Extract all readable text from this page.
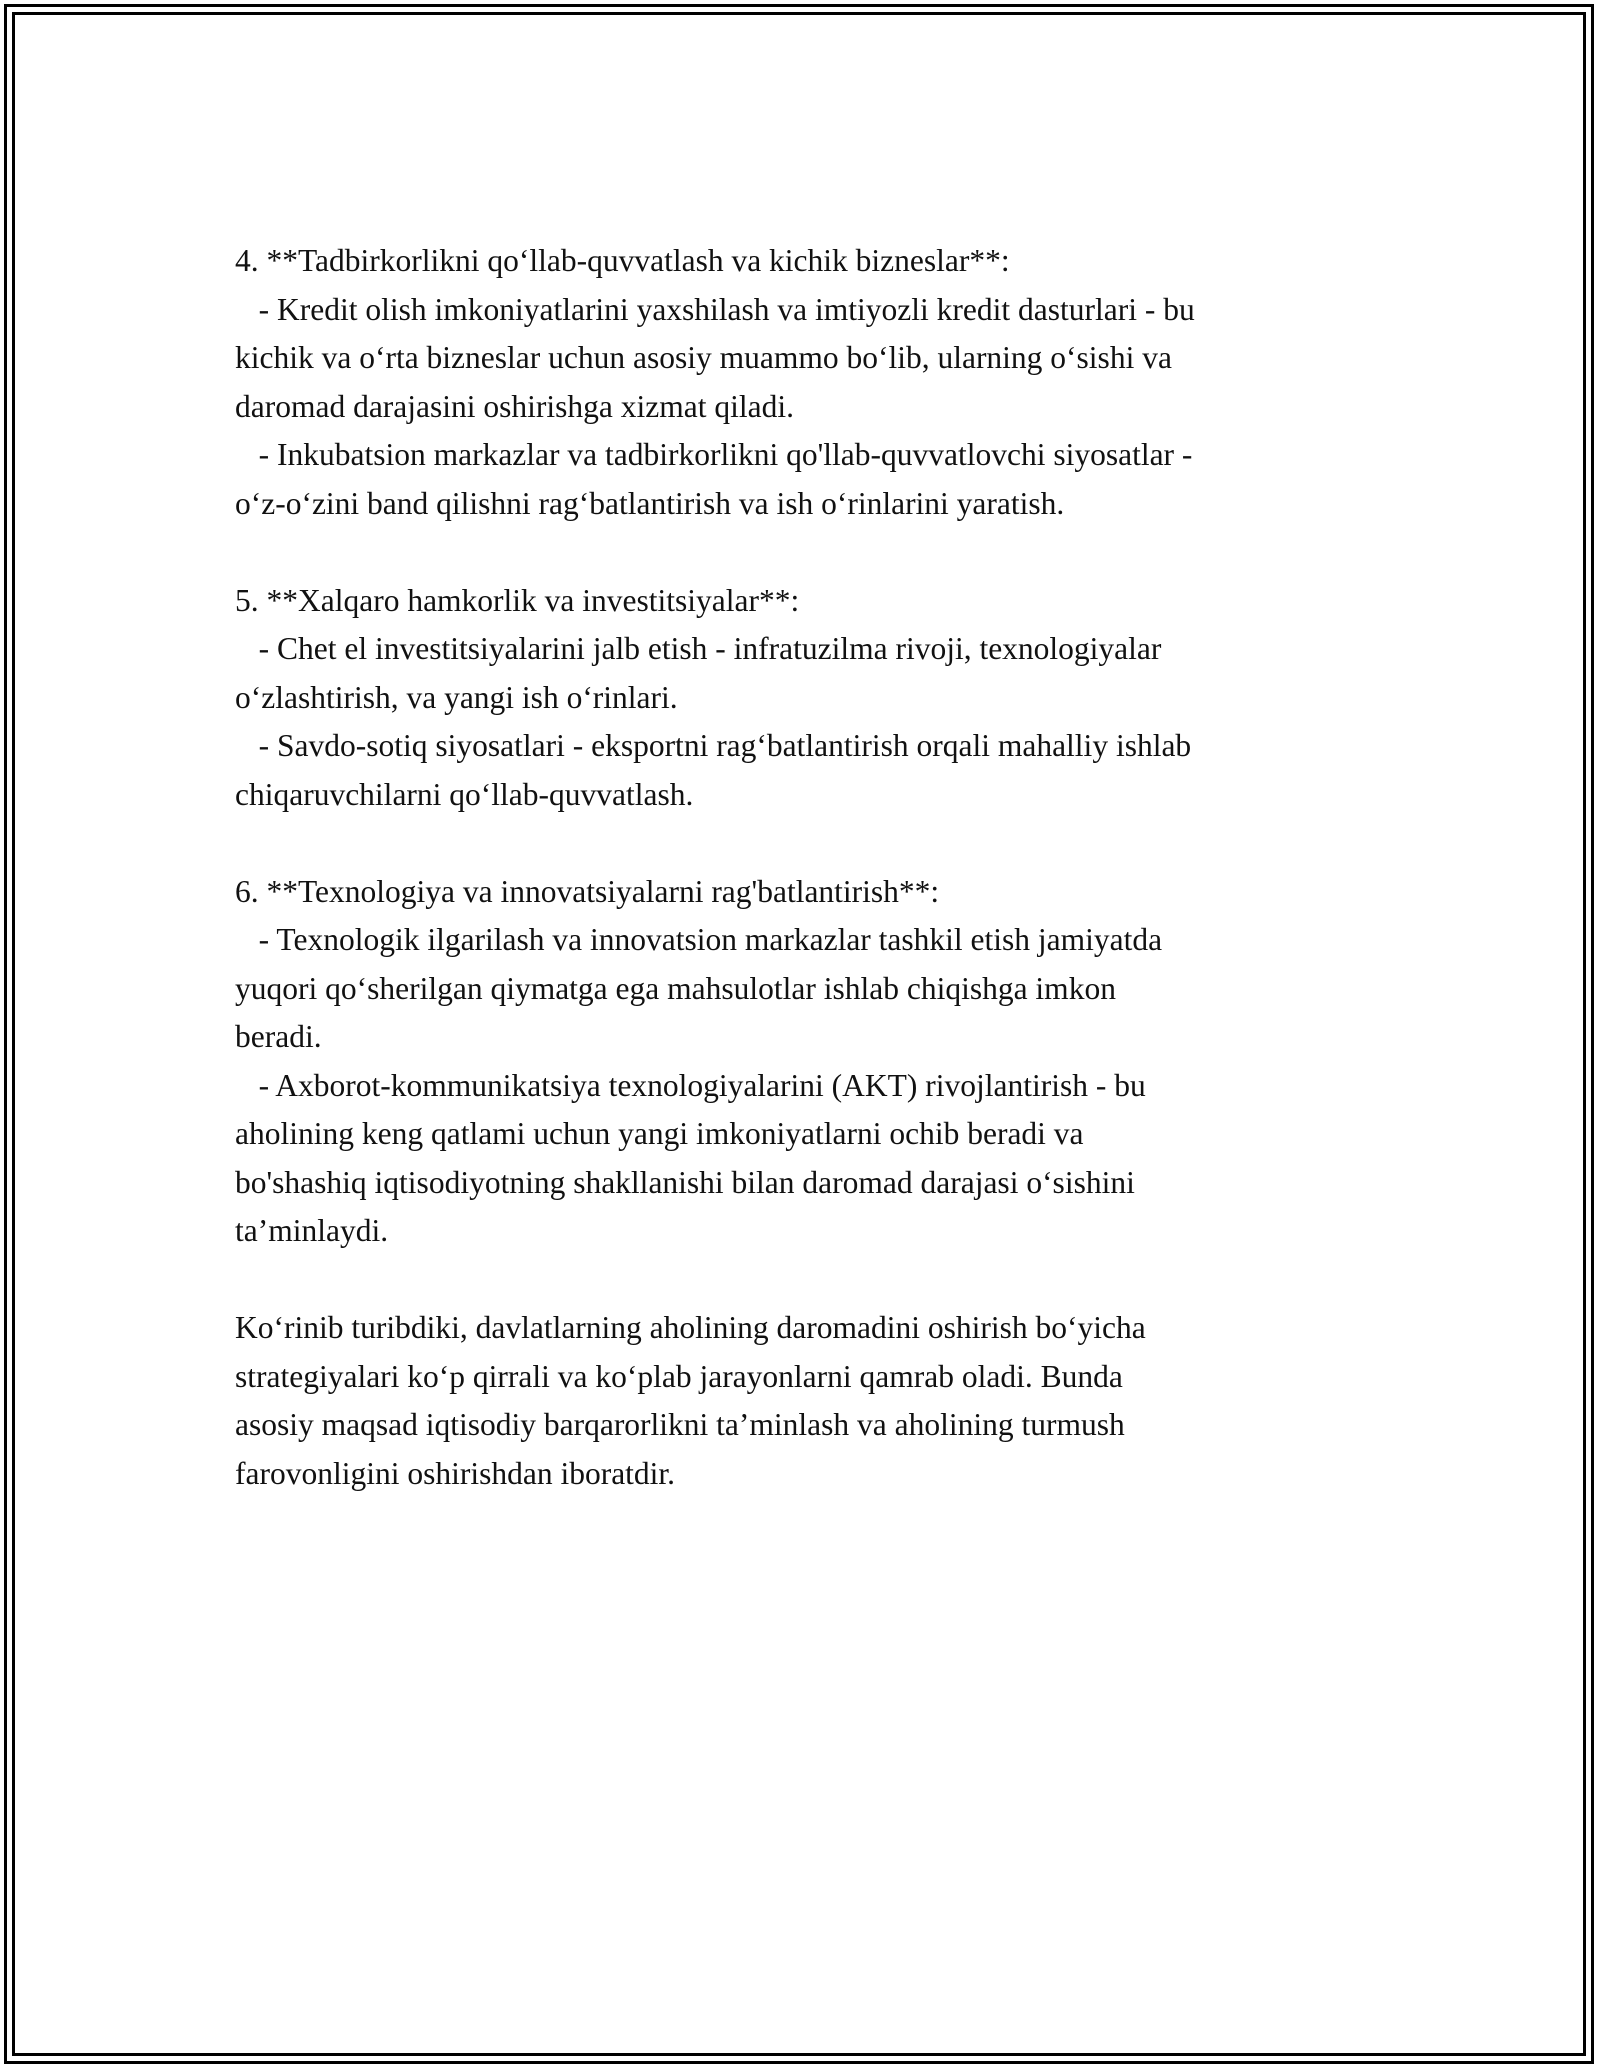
4. **Tadbirkorlikni qo‘llab-quvvatlash va kichik bizneslar**:
- Kredit olish imkoniyatlarini yaxshilash va imtiyozli kredit dasturlari - bu
kichik va o‘rta bizneslar uchun asosiy muammo bo‘lib, ularning o‘sishi va
daromad darajasini oshirishga xizmat qiladi.
- Inkubatsion markazlar va tadbirkorlikni qo'llab-quvvatlovchi siyosatlar -
o‘z-o‘zini band qilishni rag‘batlantirish va ish o‘rinlarini yaratish.
5. **Xalqaro hamkorlik va investitsiyalar**:
- Chet el investitsiyalarini jalb etish - infratuzilma rivoji, texnologiyalar
o‘zlashtirish, va yangi ish o‘rinlari.
- Savdo-sotiq siyosatlari - eksportni rag‘batlantirish orqali mahalliy ishlab
chiqaruvchilarni qo‘llab-quvvatlash.
6. **Texnologiya va innovatsiyalarni rag'batlantirish**:
- Texnologik ilgarilash va innovatsion markazlar tashkil etish jamiyatda
yuqori qo‘sherilgan qiymatga ega mahsulotlar ishlab chiqishga imkon
beradi.
- Axborot-kommunikatsiya texnologiyalarini (AKT) rivojlantirish - bu
aholining keng qatlami uchun yangi imkoniyatlarni ochib beradi va
bo'shashiq iqtisodiyotning shakllanishi bilan daromad darajasi o‘sishini
ta’minlaydi.
Ko‘rinib turibdiki, davlatlarning aholining daromadini oshirish bo‘yicha
strategiyalari ko‘p qirrali va ko‘plab jarayonlarni qamrab oladi. Bunda
asosiy maqsad iqtisodiy barqarorlikni ta’minlash va aholining turmush
farovonligini oshirishdan iboratdir.
